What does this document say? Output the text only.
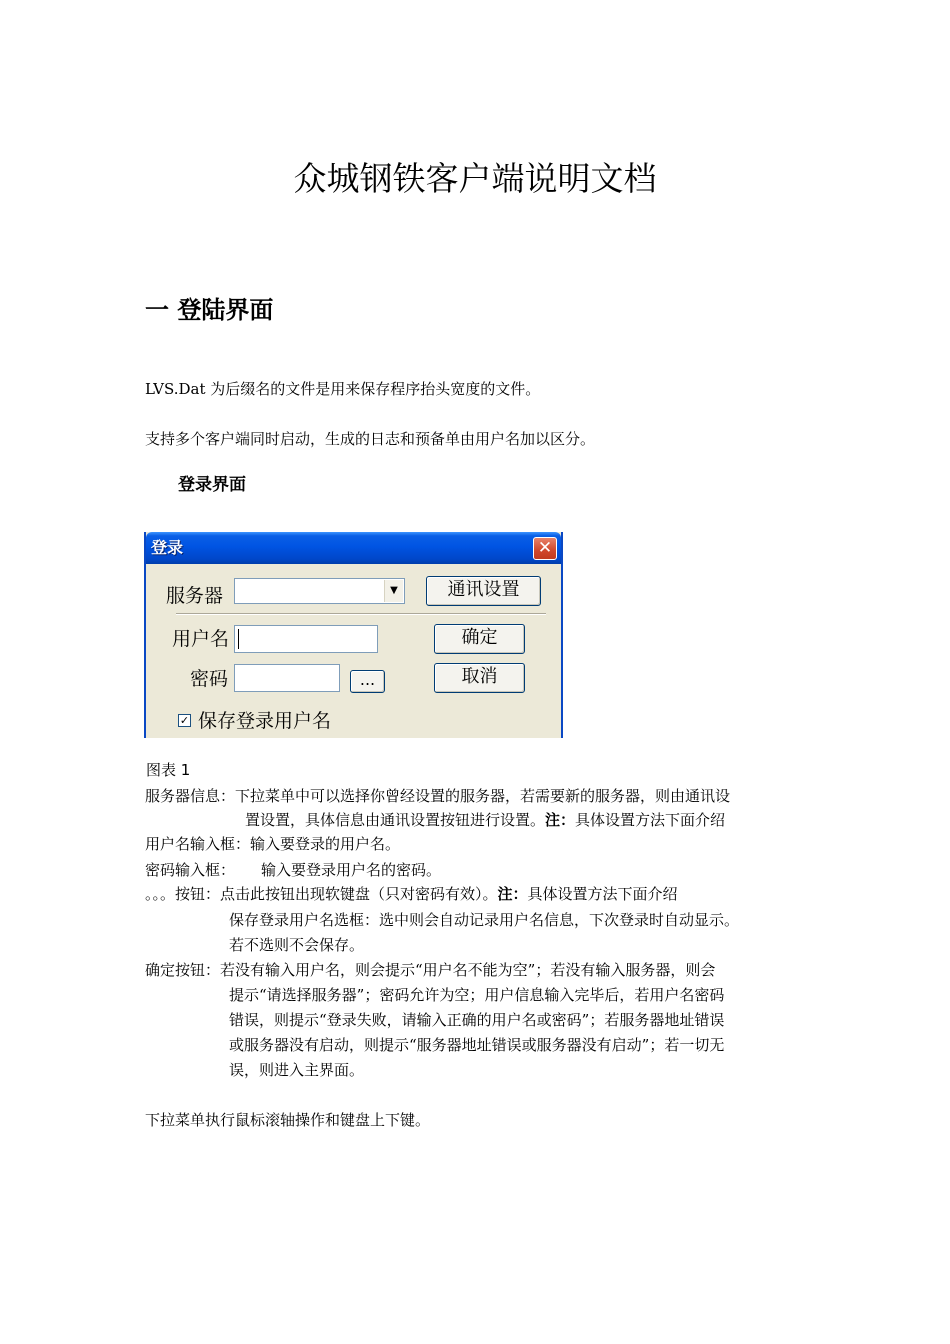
众城钢铁客户端说明文档
一 登陆界面
LVS.Dat 为后缀名的文件是用来保存程序抬头宽度的文件。
支持多个客户端同时启动，生成的日志和预备单由用户名加以区分。
登录界面
登录	✕
服务器	▼	通讯设置
用户名	确定
密码	...	取消
✓ 保存登录用户名
图表 1
服务器信息：下拉菜单中可以选择你曾经设置的服务器，若需要新的服务器，则由通讯设
置设置，具体信息由通讯设置按钮进行设置。注：具体设置方法下面介绍
用户名输入框：输入要登录的用户名。
密码输入框： 输入要登录用户名的密码。
。。。按钮：点击此按钮出现软键盘（只对密码有效）。注：具体设置方法下面介绍
保存登录用户名选框：选中则会自动记录用户名信息，下次登录时自动显示。
若不选则不会保存。
确定按钮：若没有输入用户名，则会提示“用户名不能为空”；若没有输入服务器，则会
提示“请选择服务器”；密码允许为空；用户信息输入完毕后，若用户名密码
错误，则提示“登录失败，请输入正确的用户名或密码”；若服务器地址错误
或服务器没有启动，则提示“服务器地址错误或服务器没有启动”；若一切无
误，则进入主界面。
下拉菜单执行鼠标滚轴操作和键盘上下键。
